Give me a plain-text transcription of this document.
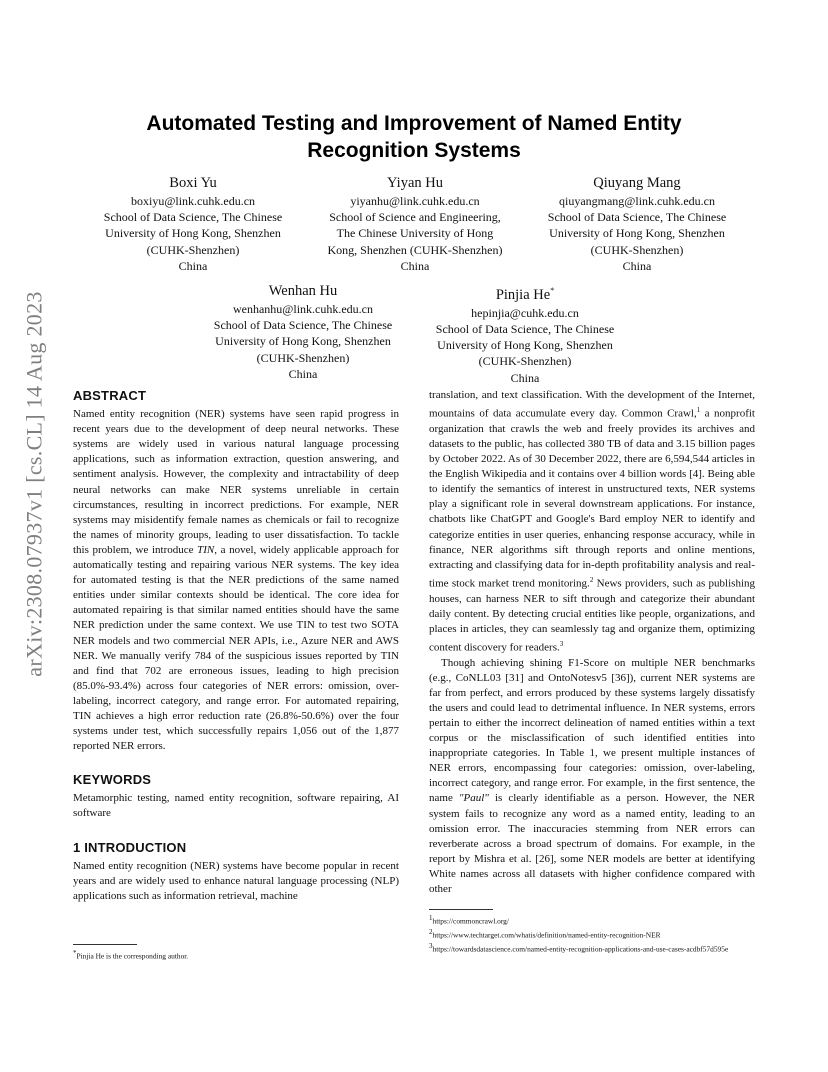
arXiv:2308.07937v1 [cs.CL] 14 Aug 2023
Automated Testing and Improvement of Named Entity Recognition Systems
Boxi Yu
boxiyu@link.cuhk.edu.cn
School of Data Science, The Chinese
University of Hong Kong, Shenzhen
(CUHK-Shenzhen)
China
Yiyan Hu
yiyanhu@link.cuhk.edu.cn
School of Science and Engineering,
The Chinese University of Hong
Kong, Shenzhen (CUHK-Shenzhen)
China
Qiuyang Mang
qiuyangmang@link.cuhk.edu.cn
School of Data Science, The Chinese
University of Hong Kong, Shenzhen
(CUHK-Shenzhen)
China
Wenhan Hu
wenhanhu@link.cuhk.edu.cn
School of Data Science, The Chinese
University of Hong Kong, Shenzhen
(CUHK-Shenzhen)
China
Pinjia He*
hepinjia@cuhk.edu.cn
School of Data Science, The Chinese
University of Hong Kong, Shenzhen
(CUHK-Shenzhen)
China
ABSTRACT

Named entity recognition (NER) systems have seen rapid progress in recent years due to the development of deep neural networks. These systems are widely used in various natural language processing applications, such as information extraction, question answering, and sentiment analysis. However, the complexity and intractability of deep neural networks can make NER systems unreliable in certain circumstances, resulting in incorrect predictions. For example, NER systems may misidentify female names as chemicals or fail to recognize the names of minority groups, leading to user dissatisfaction. To tackle this problem, we introduce TIN, a novel, widely applicable approach for automatically testing and repairing various NER systems. The key idea for automated testing is that the NER predictions of the same named entities under similar contexts should be identical. The core idea for automated repairing is that similar named entities should have the same NER prediction under the same context. We use TIN to test two SOTA NER models and two commercial NER APIs, i.e., Azure NER and AWS NER. We manually verify 784 of the suspicious issues reported by TIN and find that 702 are erroneous issues, leading to high precision (85.0%-93.4%) across four categories of NER errors: omission, over-labeling, incorrect category, and range error. For automated repairing, TIN achieves a high error reduction rate (26.8%-50.6%) over the four systems under test, which successfully repairs 1,056 out of the 1,877 reported NER errors.

KEYWORDS

Metamorphic testing, named entity recognition, software repairing, AI software

1 INTRODUCTION

Named entity recognition (NER) systems have become popular in recent years and are widely used to enhance natural language processing (NLP) applications such as information retrieval, machine

*Pinjia He is the corresponding author.

translation, and text classification. With the development of the Internet, mountains of data accumulate every day. Common Crawl,$^1$ a nonprofit organization that crawls the web and freely provides its archives and datasets to the public, has collected 380 TB of data and 3.15 billion pages by October 2022. As of 30 December 2022, there are 6,594,544 articles in the English Wikipedia and it contains over 4 billion words [4]. Being able to identify the semantics of interest in unstructured texts, NER systems play a significant role in several downstream applications. For instance, chatbots like ChatGPT and Google's Bard employ NER to identify and categorize entities in user queries, enhancing response accuracy, while in finance, NER algorithms sift through reports and online mentions, extracting and classifying data for in-depth profitability analysis and real-time stock market trend monitoring.$^2$ News providers, such as publishing houses, can harness NER to sift through and categorize their abundant daily content. By detecting crucial entities like people, organizations, and places in articles, they can seamlessly tag and organize them, optimizing content discovery for readers.$^3$

Though achieving shining F1-Score on multiple NER benchmarks (e.g., CoNLL03 [31] and OntoNotesv5 [36]), current NER systems are far from perfect, and errors produced by these systems largely dissatisfy the users and could lead to detrimental influence. In NER systems, errors pertain to either the incorrect delineation of named entities within a text corpus or the misclassification of such identified entities into inappropriate categories. In Table 1, we present multiple instances of NER errors, encompassing four categories: omission, over-labeling, incorrect category, and range error. For example, in the first sentence, the name "Paul" is clearly identifiable as a person. However, the NER system fails to recognize any word as a named entity, leading to an omission error. The inaccuracies stemming from NER errors can reverberate across a broad spectrum of domains. For example, in the report by Mishra et al. [26], some NER models are better at identifying White names across all datasets with higher confidence compared with other

$^1$https://commoncrawl.org/
$^2$https://www.techtarget.com/whatis/definition/named-entity-recognition-NER
$^3$https://towardsdatascience.com/named-entity-recognition-applications-and-use-cases-acdbf57d595e
